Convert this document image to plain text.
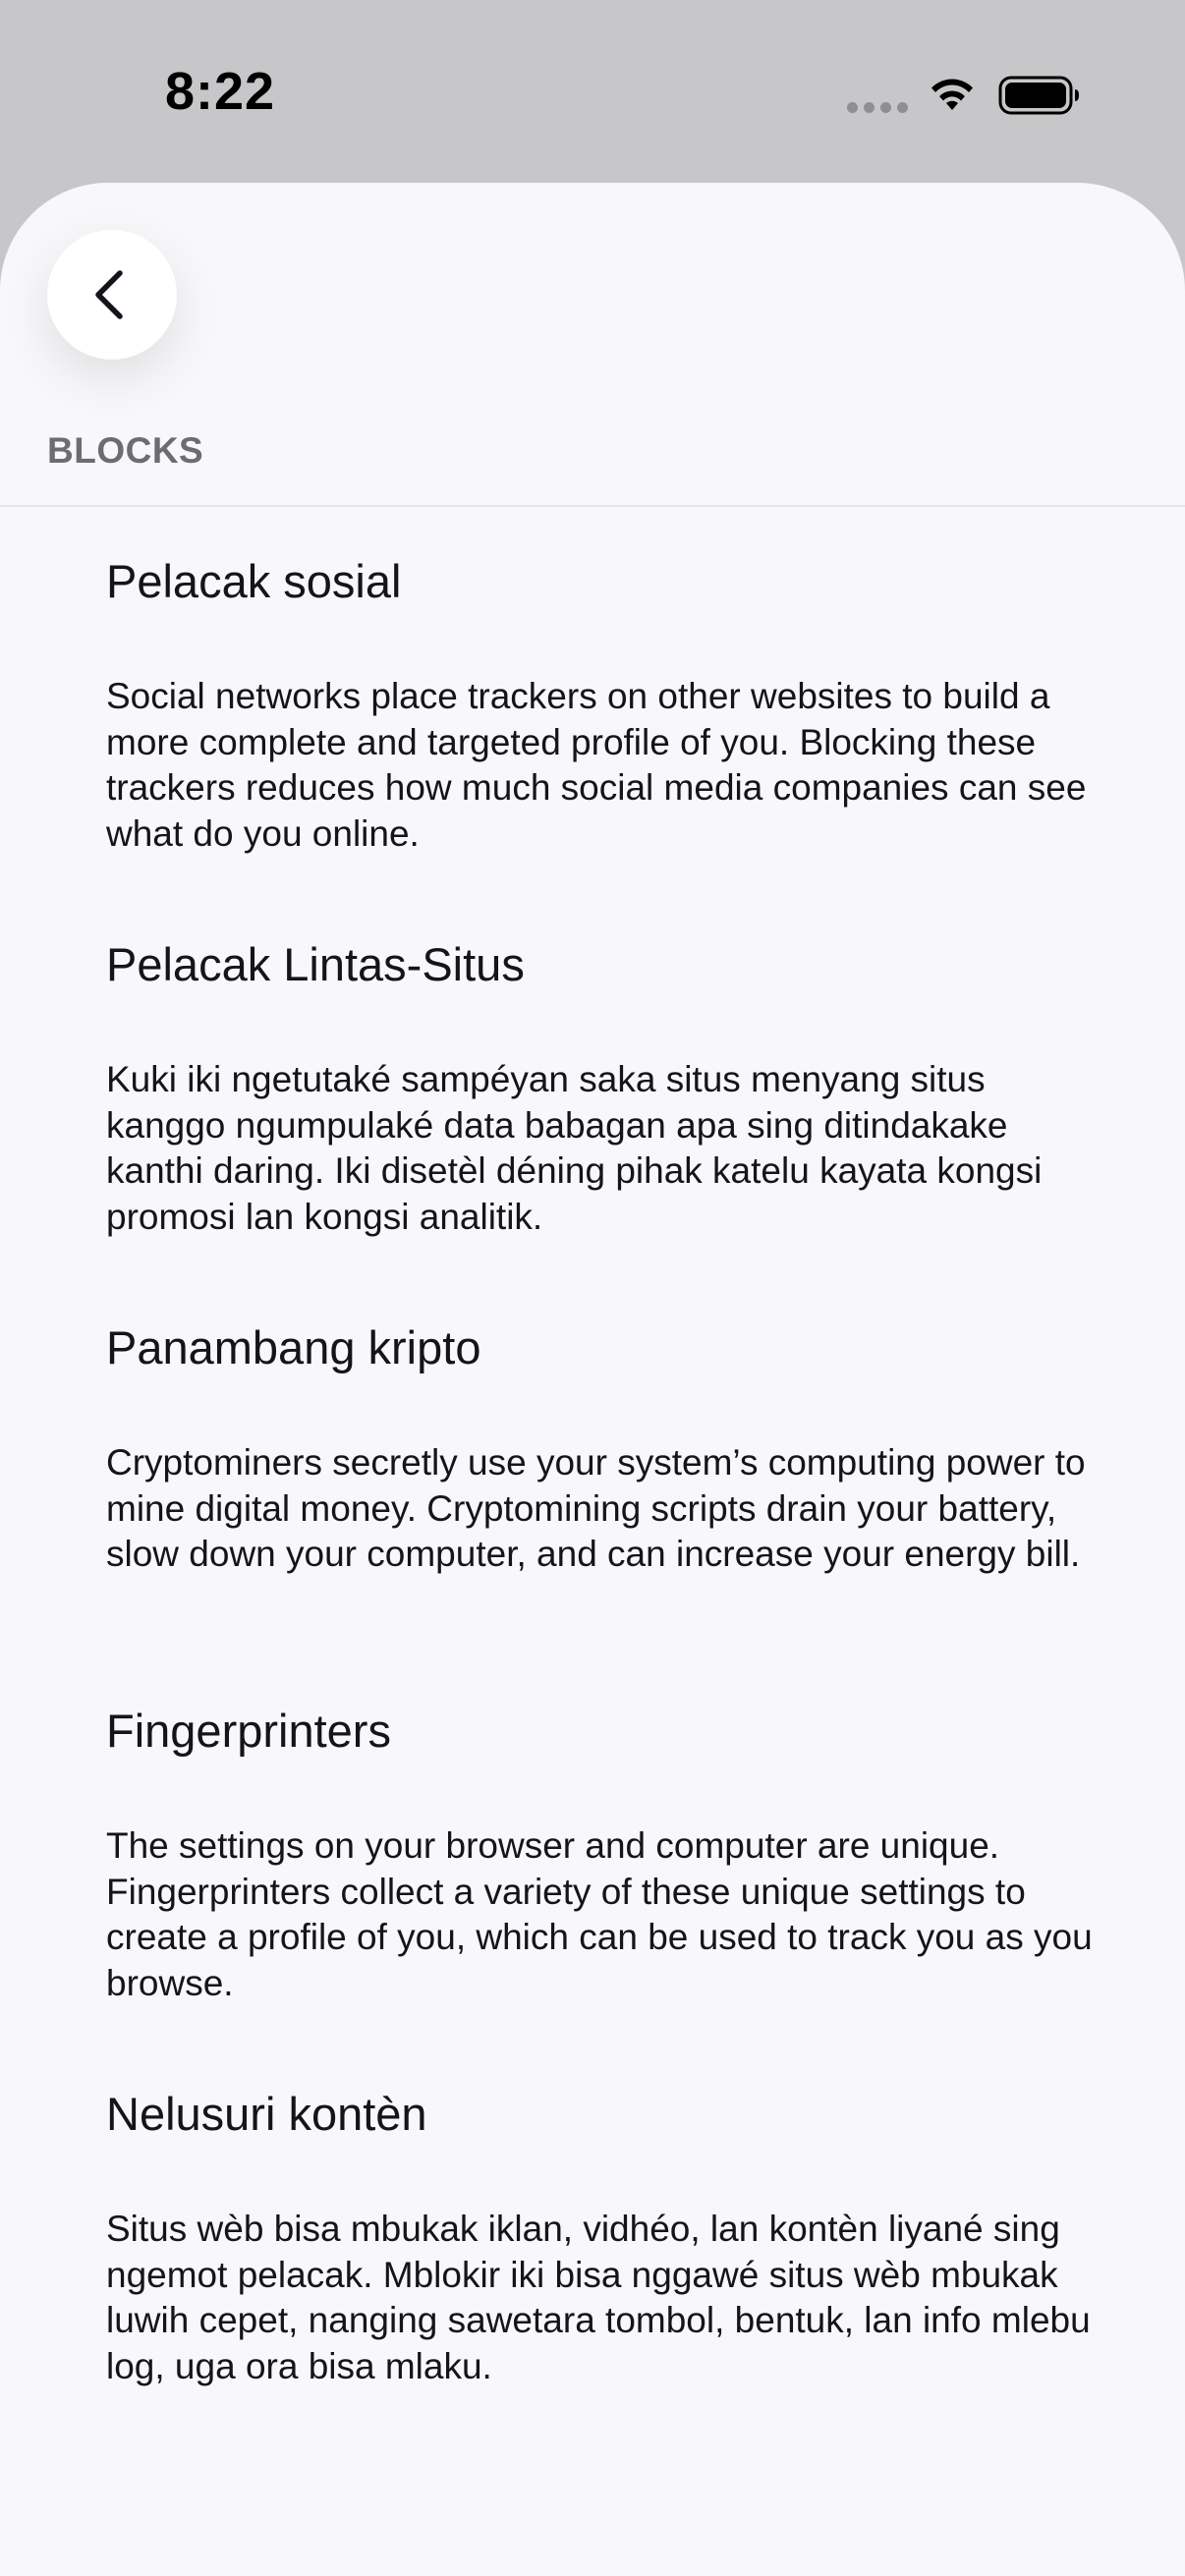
8:22
BLOCKS
Pelacak sosial
Social networks place trackers on other websites to build a more complete and targeted profile of you. Blocking these trackers reduces how much social media companies can see what do you online.
Pelacak Lintas-Situs
Kuki iki ngetutaké sampéyan saka situs menyang situs kanggo ngumpulaké data babagan apa sing ditindakake kanthi daring. Iki disetèl déning pihak katelu kayata kongsi promosi lan kongsi analitik.
Panambang kripto
Cryptominers secretly use your system’s computing power to mine digital money. Cryptomining scripts drain your battery, slow down your computer, and can increase your energy bill.
Fingerprinters
The settings on your browser and computer are unique. Fingerprinters collect a variety of these unique settings to create a profile of you, which can be used to track you as you browse.
Nelusuri kontèn
Situs wèb bisa mbukak iklan, vidhéo, lan kontèn liyané sing ngemot pelacak. Mblokir iki bisa nggawé situs wèb mbukak luwih cepet, nanging sawetara tombol, bentuk, lan info mlebu log, uga ora bisa mlaku.
